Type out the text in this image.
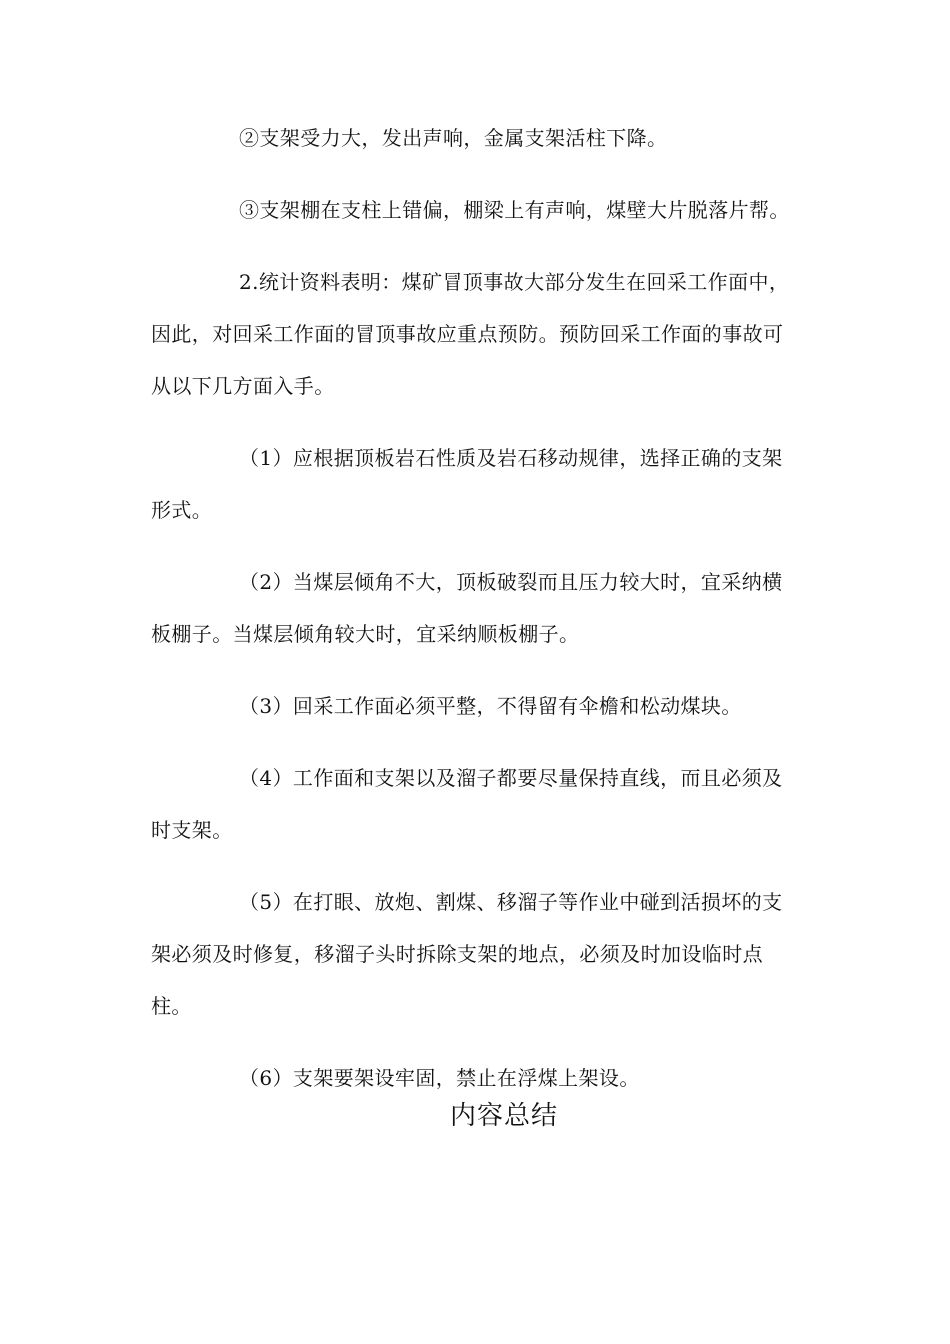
②支架受力大，发出声响，金属支架活柱下降。

③支架棚在支柱上错偏，棚梁上有声响，煤壁大片脱落片帮。

2.统计资料表明：煤矿冒顶事故大部分发生在回采工作面中，因此，对回采工作面的冒顶事故应重点预防。预防回采工作面的事故可从以下几方面入手。

（1）应根据顶板岩石性质及岩石移动规律，选择正确的支架形式。

（2）当煤层倾角不大，顶板破裂而且压力较大时，宜采纳横板棚子。当煤层倾角较大时，宜采纳顺板棚子。

（3）回采工作面必须平整，不得留有伞檐和松动煤块。

（4）工作面和支架以及溜子都要尽量保持直线，而且必须及时支架。

（5）在打眼、放炮、割煤、移溜子等作业中碰到活损坏的支架必须及时修复，移溜子头时拆除支架的地点，必须及时加设临时点柱。

（6）支架要架设牢固，禁止在浮煤上架设。

内容总结
